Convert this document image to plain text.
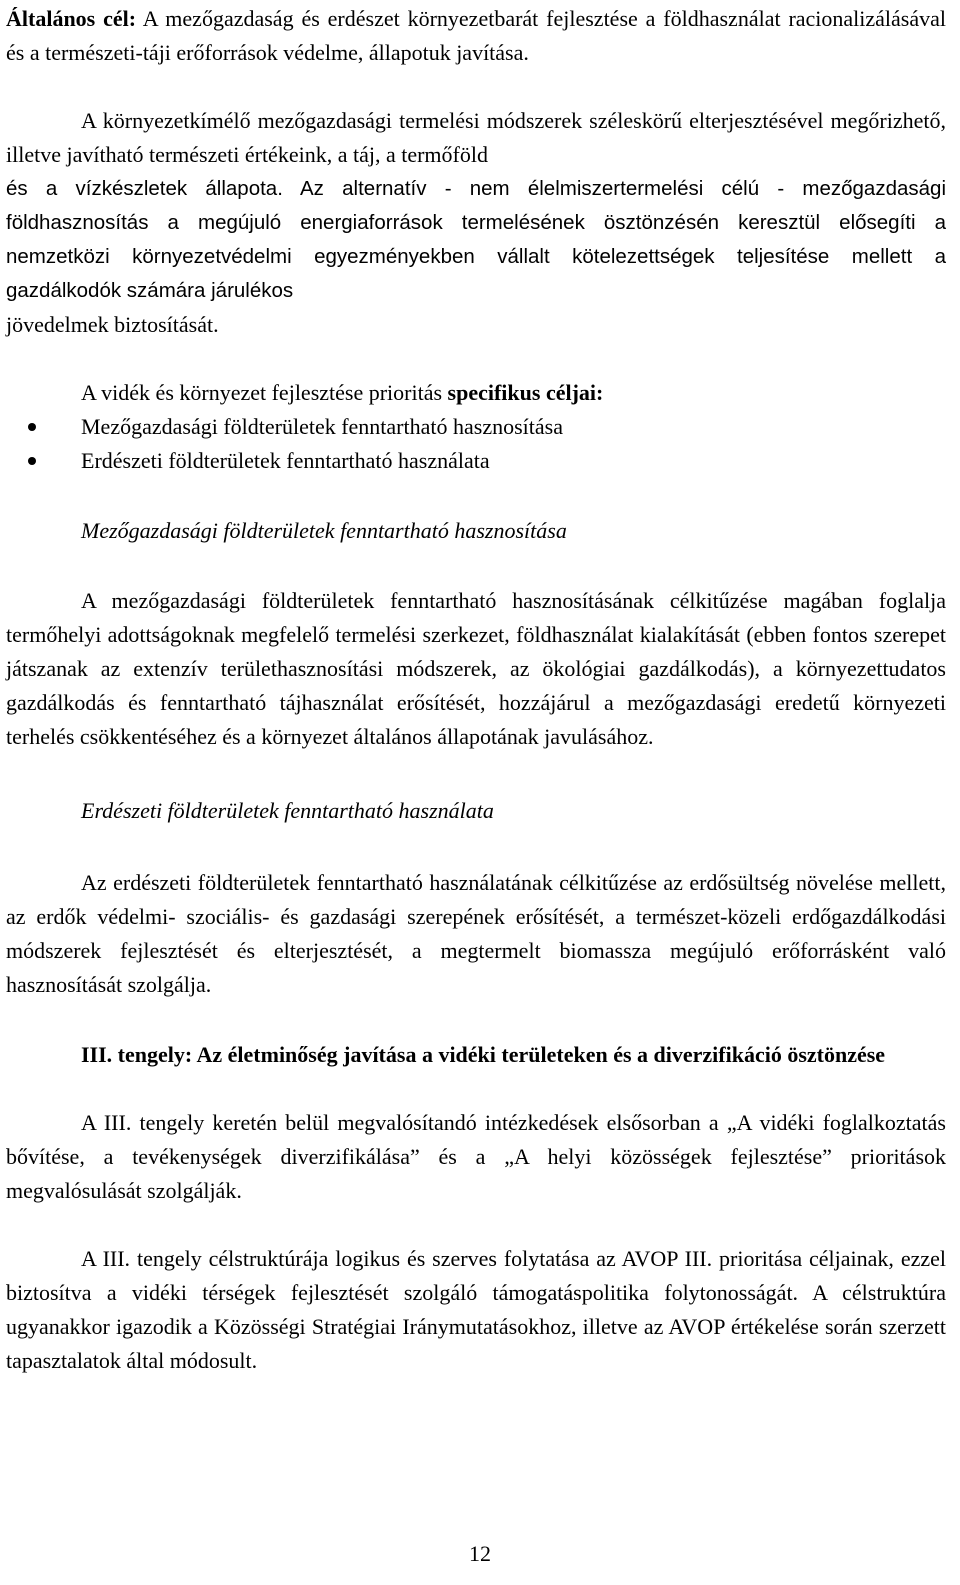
Általános cél: A mezőgazdaság és erdészet környezetbarát fejlesztése a földhasználat racionalizálásával és a természeti-táji erőforrások védelme, állapotuk javítása.

A környezetkímélő mezőgazdasági termelési módszerek széleskörű elterjesztésével megőrizhető, illetve javítható természeti értékeink, a táj, a termőföld

és a vízkészletek állapota. Az alternatív - nem élelmiszertermelési célú - mezőgazdasági földhasznosítás a megújuló energiaforrások termelésének ösztönzésén keresztül elősegíti a nemzetközi környezetvédelmi egyezményekben vállalt kötelezettségek teljesítése mellett a gazdálkodók számára járulékos

jövedelmek biztosítását.

A vidék és környezet fejlesztése prioritás specifikus céljai:

Mezőgazdasági földterületek fenntartható hasznosítása
Erdészeti földterületek fenntartható használata

Mezőgazdasági földterületek fenntartható hasznosítása

A mezőgazdasági földterületek fenntartható hasznosításának célkitűzése magában foglalja termőhelyi adottságoknak megfelelő termelési szerkezet, földhasználat kialakítását (ebben fontos szerepet játszanak az extenzív területhasznosítási módszerek, az ökológiai gazdálkodás), a környezettudatos gazdálkodás és fenntartható tájhasználat erősítését, hozzájárul a mezőgazdasági eredetű környezeti terhelés csökkentéséhez és a környezet általános állapotának javulásához.

Erdészeti földterületek fenntartható használata

Az erdészeti földterületek fenntartható használatának célkitűzése az erdősültség növelése mellett, az erdők védelmi- szociális- és gazdasági szerepének erősítését, a természet-közeli erdőgazdálkodási módszerek fejlesztését és elterjesztését, a megtermelt biomassza megújuló erőforrásként való hasznosítását szolgálja.

III. tengely: Az életminőség javítása a vidéki területeken és a diverzifikáció ösztönzése

A III. tengely keretén belül megvalósítandó intézkedések elsősorban a „A vidéki foglalkoztatás bővítése, a tevékenységek diverzifikálása” és a „A helyi közösségek fejlesztése” prioritások megvalósulását szolgálják.

A III. tengely célstruktúrája logikus és szerves folytatása az AVOP III. prioritása céljainak, ezzel biztosítva a vidéki térségek fejlesztését szolgáló támogatáspolitika folytonosságát. A célstruktúra ugyanakkor igazodik a Közösségi Stratégiai Iránymutatásokhoz, illetve az AVOP értékelése során szerzett tapasztalatok által módosult.

12
